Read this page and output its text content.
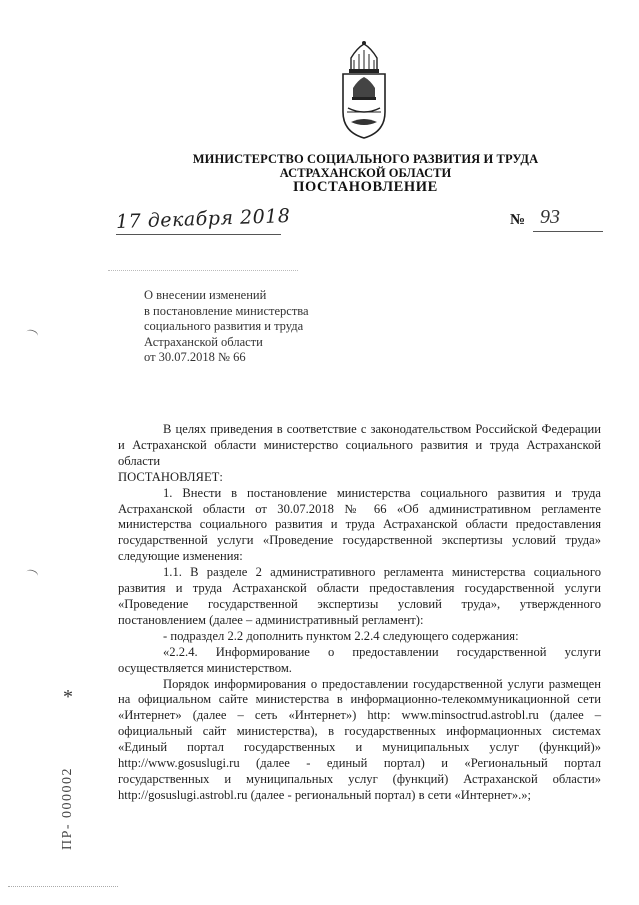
МИНИСТЕРСТВО СОЦИАЛЬНОГО РАЗВИТИЯ И ТРУДА
АСТРАХАНСКОЙ ОБЛАСТИ
ПОСТАНОВЛЕНИЕ
17 декабря 2018	№ 93
О внесении изменений
в постановление министерства
социального развития и труда
Астраханской области
от 30.07.2018 № 66

В целях приведения в соответствие с законодательством Российской Федерации и Астраханской области министерство социального развития и труда Астраханской области

ПОСТАНОВЛЯЕТ:

1. Внести в постановление министерства социального развития и труда Астраханской области от 30.07.2018 № 66 «Об административном регламенте министерства социального развития и труда Астраханской области предоставления государственной услуги «Проведение государственной экспертизы условий труда» следующие изменения:

1.1. В разделе 2 административного регламента министерства социального развития и труда Астраханской области предоставления государственной услуги «Проведение государственной экспертизы условий труда», утвержденного постановлением (далее – административный регламент):

- подраздел 2.2 дополнить пунктом 2.2.4 следующего содержания:

«2.2.4. Информирование о предоставлении государственной услуги осуществляется министерством.

Порядок информирования о предоставлении государственной услуги размещен на официальном сайте министерства в информационно-телекоммуникационной сети «Интернет» (далее – сеть «Интернет») http: www.minsoctrud.astrobl.ru (далее – официальный сайт министерства), в государственных информационных системах «Единый портал государственных и муниципальных услуг (функций)» http://www.gosuslugi.ru (далее - единый портал) и «Региональный портал государственных и муниципальных услуг (функций) Астраханской области» http://gosuslugi.astrobl.ru (далее - региональный портал) в сети «Интернет».»;

*
ПР- 000002
